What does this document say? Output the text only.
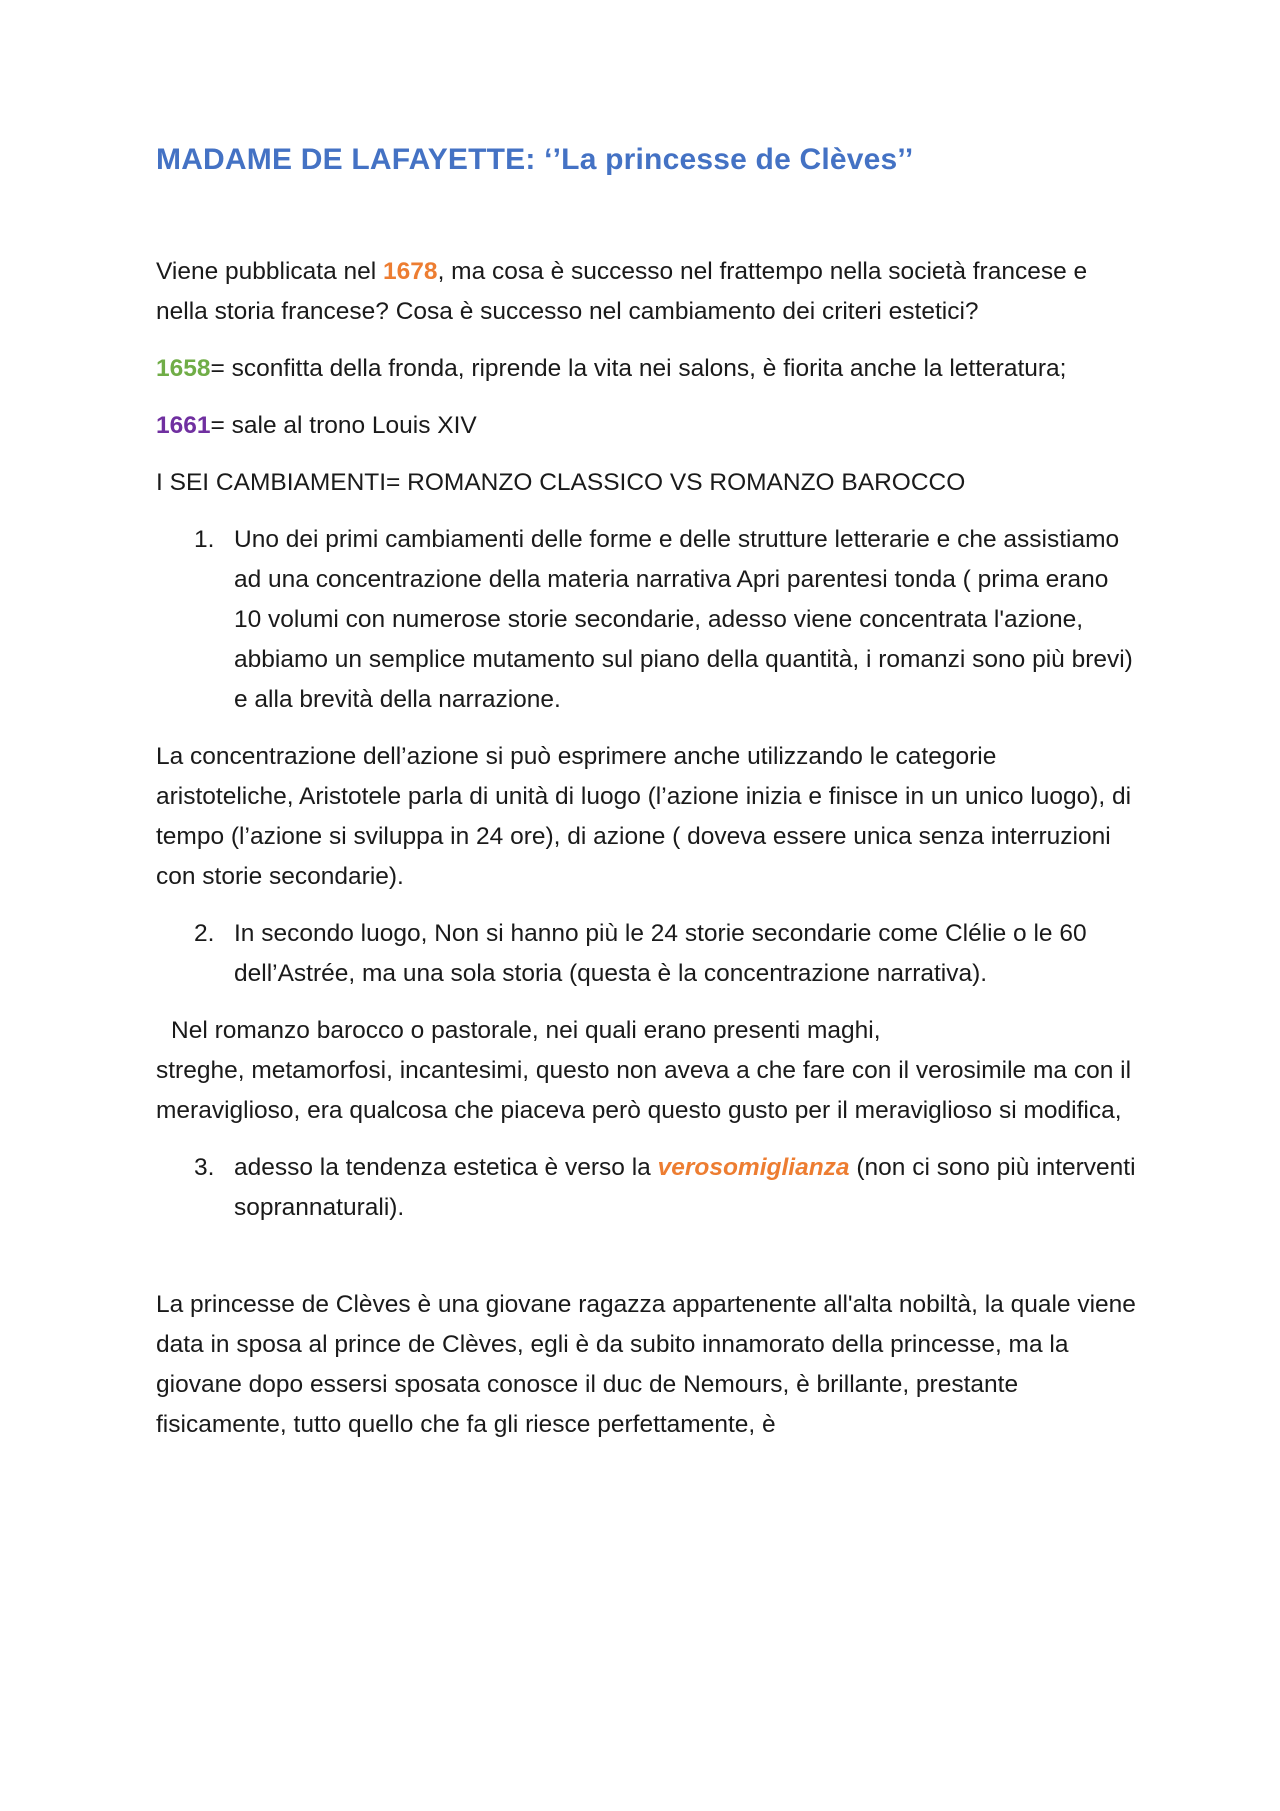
MADAME DE LAFAYETTE: ‘’La princesse de Clèves’’

Viene pubblicata nel 1678, ma cosa è successo nel frattempo nella società francese e nella storia francese? Cosa è successo nel cambiamento dei criteri estetici?

1658= sconfitta della fronda, riprende la vita nei salons, è fiorita anche la letteratura;

1661= sale al trono Louis XIV

I SEI CAMBIAMENTI= ROMANZO CLASSICO VS ROMANZO BAROCCO

1. Uno dei primi cambiamenti delle forme e delle strutture letterarie e che assistiamo ad una concentrazione della materia narrativa Apri parentesi tonda ( prima erano 10 volumi con numerose storie secondarie, adesso viene concentrata l'azione, abbiamo un semplice mutamento sul piano della quantità, i romanzi sono più brevi) e alla brevità della narrazione.

La concentrazione dell’azione si può esprimere anche utilizzando le categorie aristoteliche, Aristotele parla di unità di luogo (l’azione inizia e finisce in un unico luogo), di tempo (l’azione si sviluppa in 24 ore), di azione ( doveva essere unica senza interruzioni con storie secondarie).

2. In secondo luogo, Non si hanno più le 24 storie secondarie come Clélie o le 60 dell’Astrée, ma una sola storia (questa è la concentrazione narrativa).

Nel romanzo barocco o pastorale, nei quali erano presenti maghi,
streghe, metamorfosi, incantesimi, questo non aveva a che fare con il verosimile ma con il meraviglioso, era qualcosa che piaceva però questo gusto per il meraviglioso si modifica,

3. adesso la tendenza estetica è verso la verosomiglianza (non ci sono più interventi soprannaturali).

La princesse de Clèves è una giovane ragazza appartenente all'alta nobiltà, la quale viene data in sposa al prince de Clèves, egli è da subito innamorato della princesse, ma la giovane dopo essersi sposata conosce il duc de Nemours, è brillante, prestante fisicamente, tutto quello che fa gli riesce perfettamente, è
